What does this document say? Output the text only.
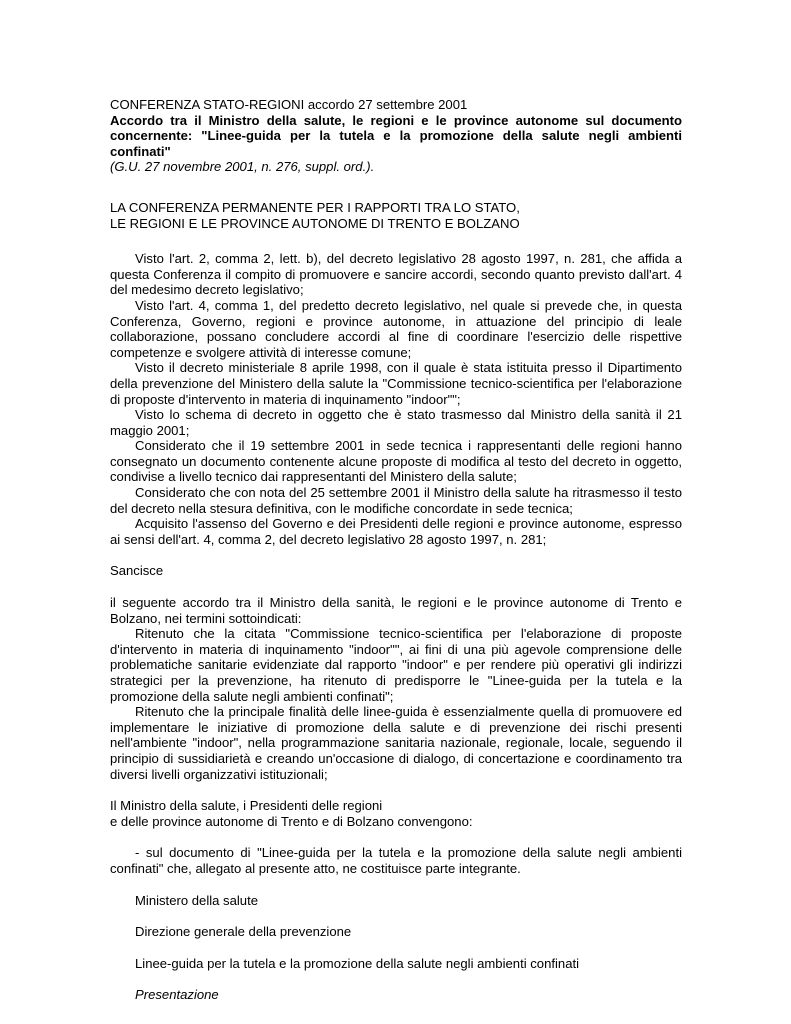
CONFERENZA STATO-REGIONI accordo 27 settembre 2001

Accordo tra il Ministro della salute, le regioni e le province autonome sul documento concernente: "Linee-guida per la tutela e la promozione della salute negli ambienti confinati"

(G.U. 27 novembre 2001, n. 276, suppl. ord.).

LA CONFERENZA PERMANENTE PER I RAPPORTI TRA LO STATO,

LE REGIONI E LE PROVINCE AUTONOME DI TRENTO E BOLZANO

Visto l'art. 2, comma 2, lett. b), del decreto legislativo 28 agosto 1997, n. 281, che affida a questa Conferenza il compito di promuovere e sancire accordi, secondo quanto previsto dall'art. 4 del medesimo decreto legislativo;

Visto l'art. 4, comma 1, del predetto decreto legislativo, nel quale si prevede che, in questa Conferenza, Governo, regioni e province autonome, in attuazione del principio di leale collaborazione, possano concludere accordi al fine di coordinare l'esercizio delle rispettive competenze e svolgere attività di interesse comune;

Visto il decreto ministeriale 8 aprile 1998, con il quale è stata istituita presso il Dipartimento della prevenzione del Ministero della salute la "Commissione tecnico-scientifica per l'elaborazione di proposte d'intervento in materia di inquinamento "indoor"";

Visto lo schema di decreto in oggetto che è stato trasmesso dal Ministro della sanità il 21 maggio 2001;

Considerato che il 19 settembre 2001 in sede tecnica i rappresentanti delle regioni hanno consegnato un documento contenente alcune proposte di modifica al testo del decreto in oggetto, condivise a livello tecnico dai rappresentanti del Ministero della salute;

Considerato che con nota del 25 settembre 2001 il Ministro della salute ha ritrasmesso il testo del decreto nella stesura definitiva, con le modifiche concordate in sede tecnica;

Acquisito l'assenso del Governo e dei Presidenti delle regioni e province autonome, espresso ai sensi dell'art. 4, comma 2, del decreto legislativo 28 agosto 1997, n. 281;

Sancisce

il seguente accordo tra il Ministro della sanità, le regioni e le province autonome di Trento e Bolzano, nei termini sottoindicati:

Ritenuto che la citata "Commissione tecnico-scientifica per l'elaborazione di proposte d'intervento in materia di inquinamento "indoor"", ai fini di una più agevole comprensione delle problematiche sanitarie evidenziate dal rapporto "indoor" e per rendere più operativi gli indirizzi strategici per la prevenzione, ha ritenuto di predisporre le "Linee-guida per la tutela e la promozione della salute negli ambienti confinati";

Ritenuto che la principale finalità delle linee-guida è essenzialmente quella di promuovere ed implementare le iniziative di promozione della salute e di prevenzione dei rischi presenti nell'ambiente "indoor", nella programmazione sanitaria nazionale, regionale, locale, seguendo il principio di sussidiarietà e creando un'occasione di dialogo, di concertazione e coordinamento tra diversi livelli organizzativi istituzionali;

Il Ministro della salute, i Presidenti delle regioni

e delle province autonome di Trento e di Bolzano convengono:

- sul documento di "Linee-guida per la tutela e la promozione della salute negli ambienti confinati" che, allegato al presente atto, ne costituisce parte integrante.

Ministero della salute

Direzione generale della prevenzione

Linee-guida per la tutela e la promozione della salute negli ambienti confinati

Presentazione
